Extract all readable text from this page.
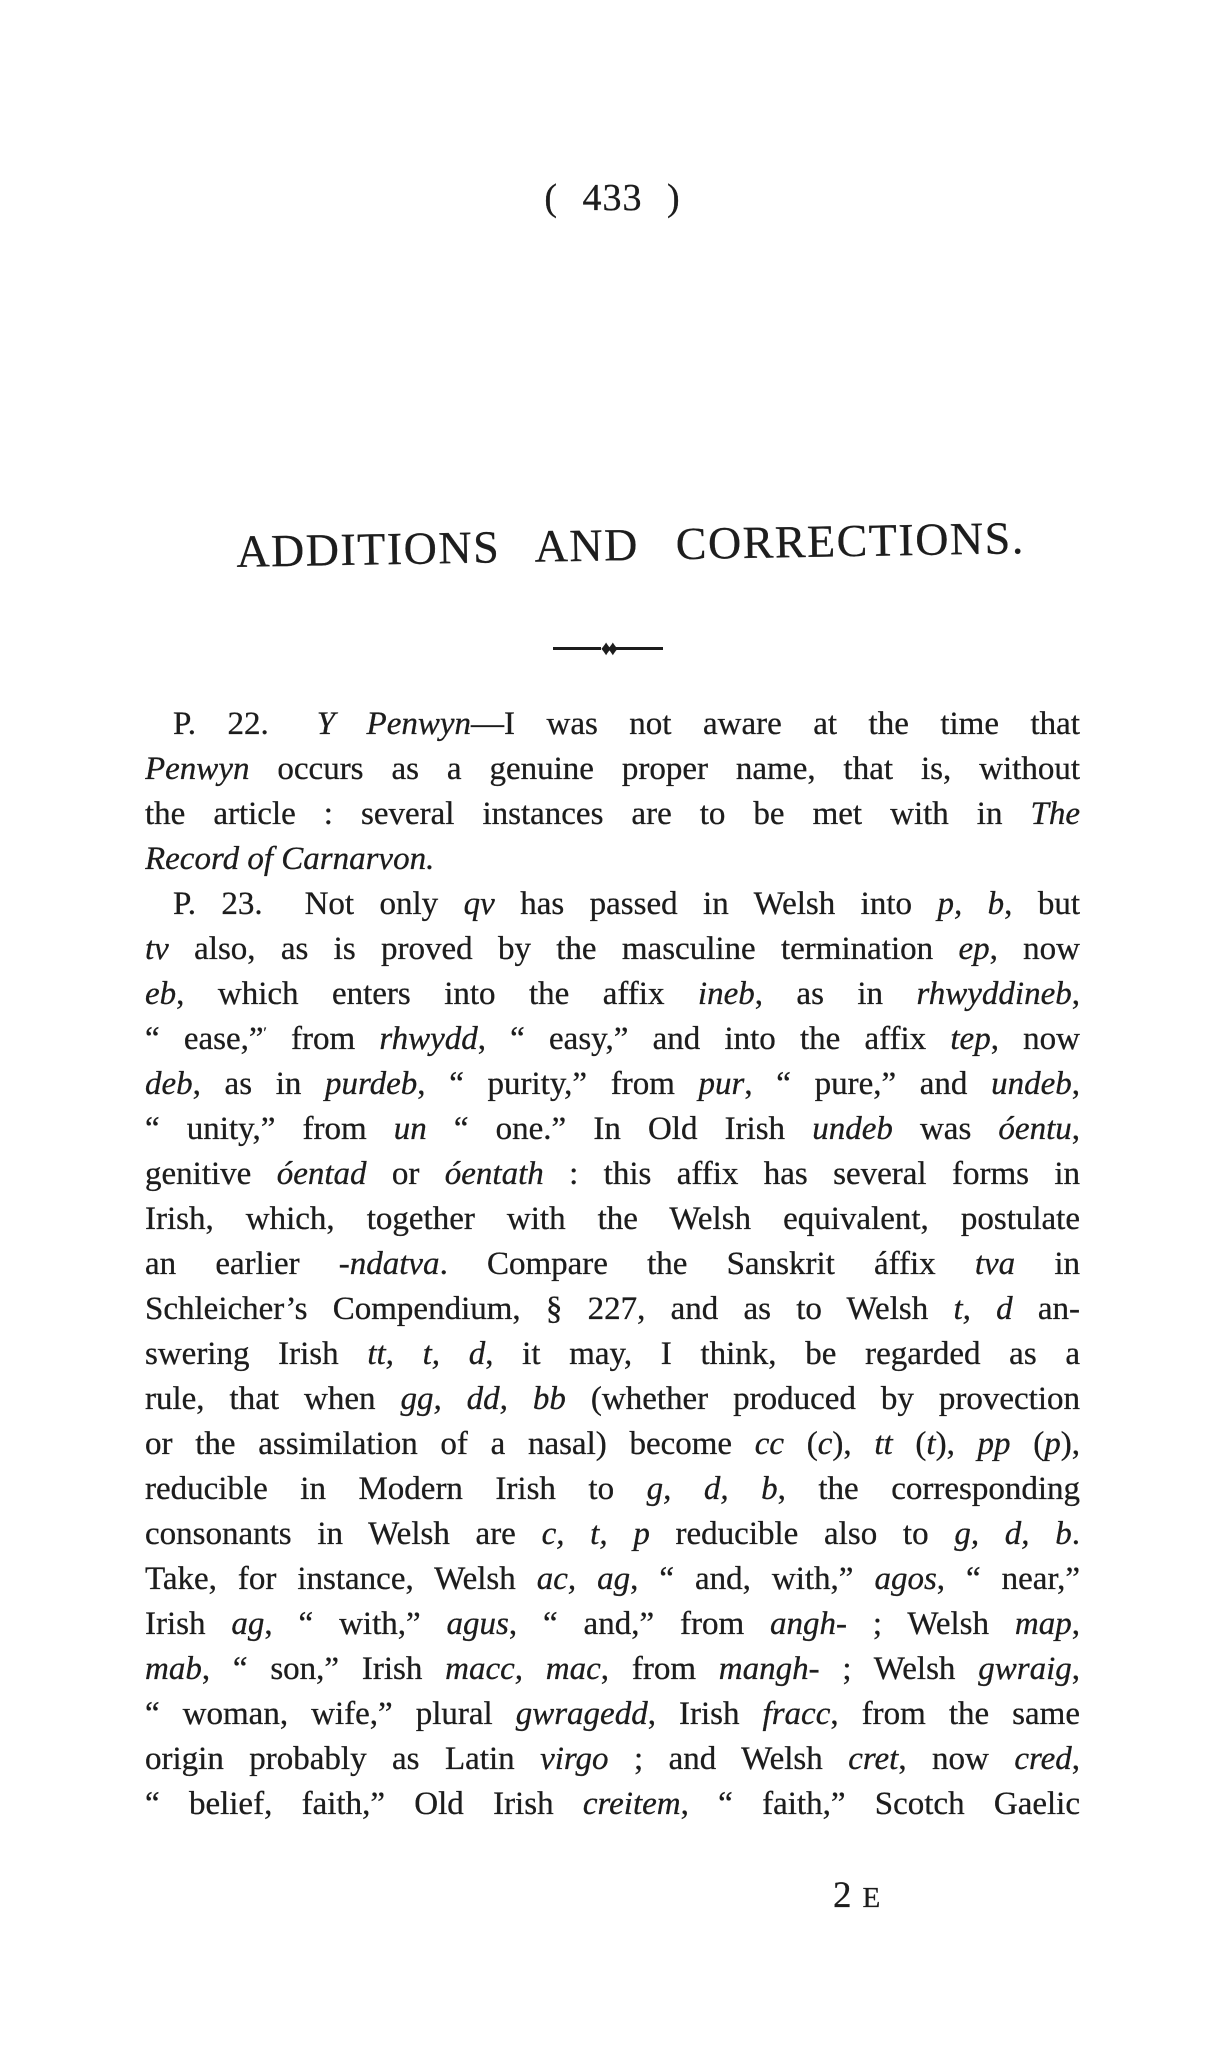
( 433 )
ADDITIONS AND CORRECTIONS.
♦♦
P. 22.  Y Penwyn—I was not aware at the time that
Penwyn occurs as a genuine proper name, that is, without
the article : several instances are to be met with in The
Record of Carnarvon.
P. 23.  Not only qv has passed in Welsh into p, b, but
tv also, as is proved by the masculine termination ep, now
eb, which enters into the affix ineb, as in rhwyddineb,
“ ease,”$^ʹ$ from rhwydd, “ easy,” and into the affix tep, now
deb, as in purdeb, “ purity,” from pur, “ pure,” and undeb,
“ unity,” from un “ one.” In Old Irish undeb was óentu,
genitive óentad or óentath : this affix has several forms in
Irish, which, together with the Welsh equivalent, postulate
an earlier -ndatva. Compare the Sanskrit áffix tva in
Schleicher’s Compendium, § 227, and as to Welsh t, d an-
swering Irish tt, t, d, it may, I think, be regarded as a
rule, that when gg, dd, bb (whether produced by provection
or the assimilation of a nasal) become cc (c), tt (t), pp (p),
reducible in Modern Irish to g, d, b, the corresponding
consonants in Welsh are c, t, p reducible also to g, d, b.
Take, for instance, Welsh ac, ag, “ and, with,” agos, “ near,”
Irish ag, “ with,” agus, “ and,” from angh- ; Welsh map,
mab, “ son,” Irish macc, mac, from mangh- ; Welsh gwraig,
“ woman, wife,” plural gwragedd, Irish fracc, from the same
origin probably as Latin virgo ; and Welsh cret, now cred,
“ belief, faith,” Old Irish creitem, “ faith,” Scotch Gaelic
2 E
